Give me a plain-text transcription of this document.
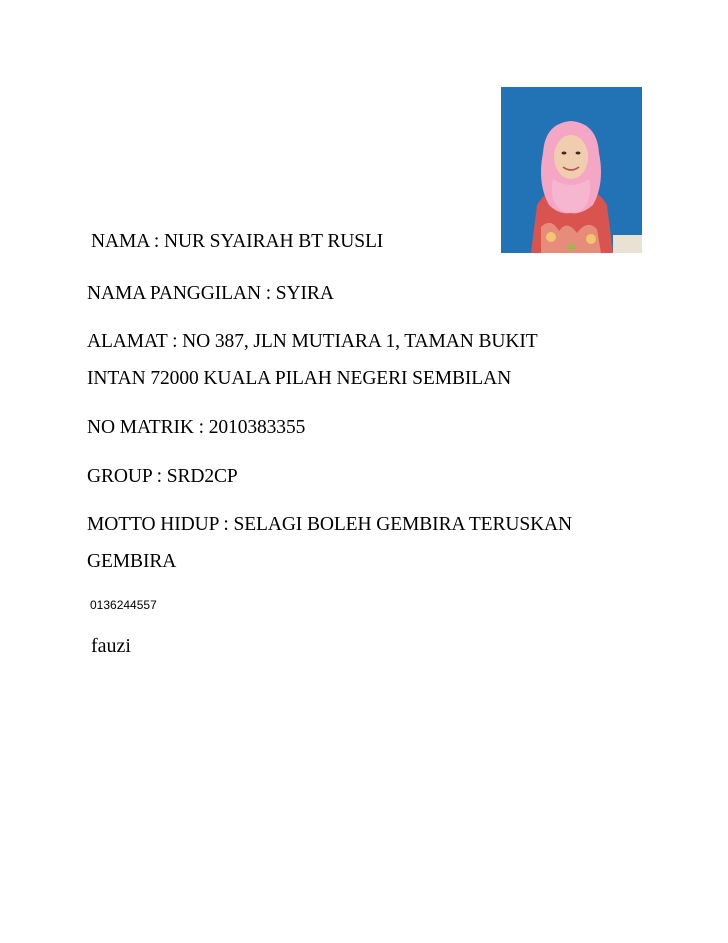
NAMA : NUR SYAIRAH BT RUSLI
NAMA PANGGILAN : SYIRA
ALAMAT : NO 387, JLN MUTIARA 1, TAMAN BUKIT
INTAN 72000 KUALA PILAH NEGERI SEMBILAN
NO MATRIK : 2010383355
GROUP : SRD2CP
MOTTO HIDUP : SELAGI BOLEH GEMBIRA TERUSKAN
GEMBIRA
0136244557
fauzi
